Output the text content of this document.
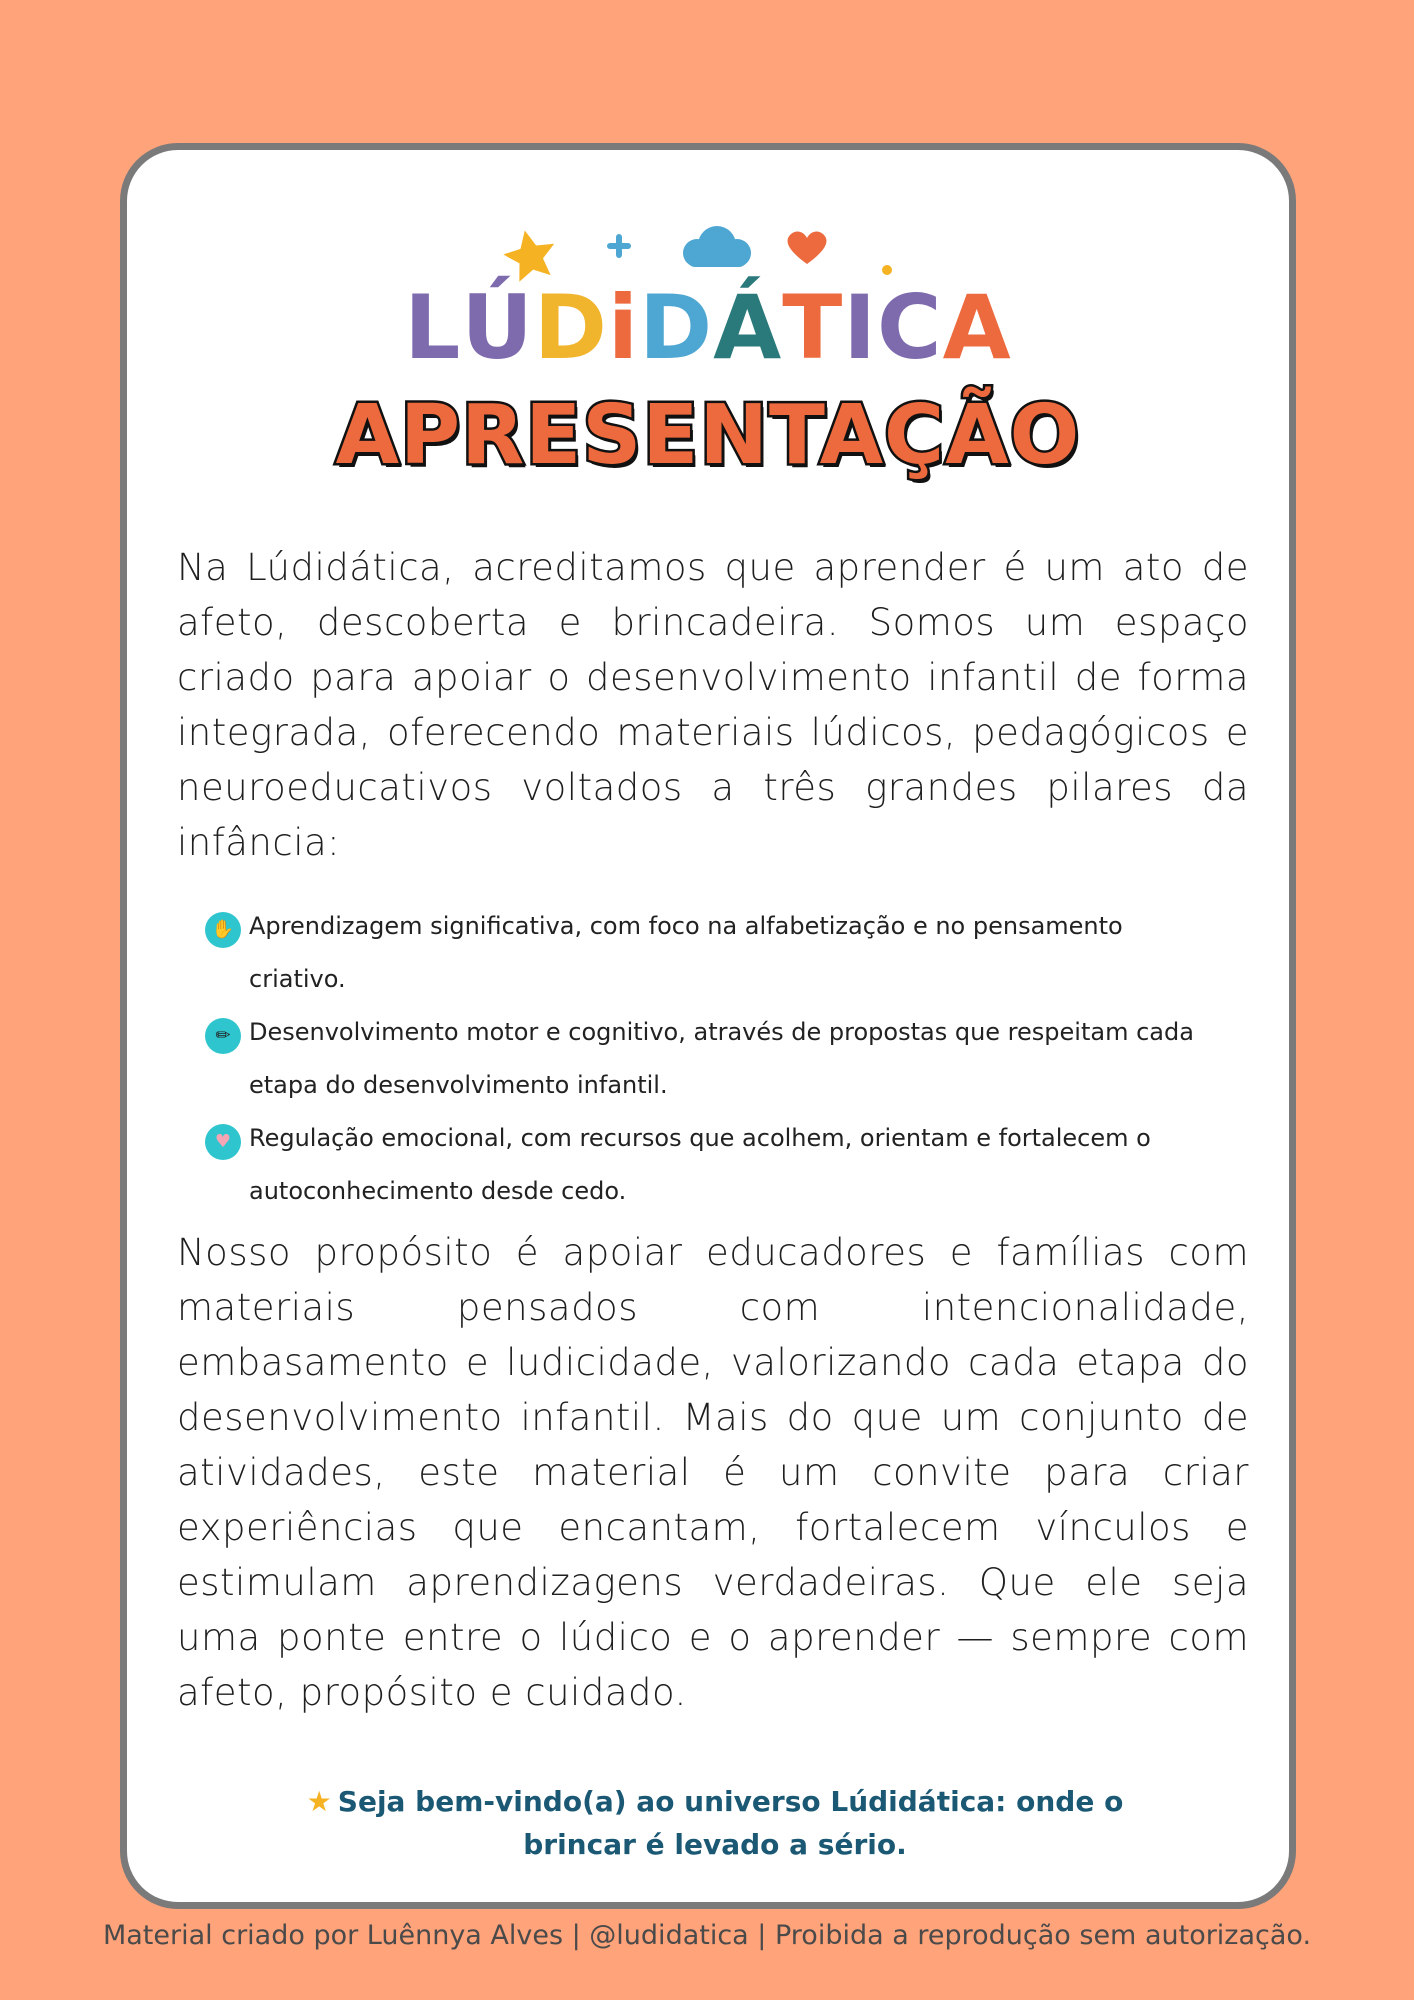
LÚDiDÁTICA
APRESENTAÇÃO

Na Lúdidática, acreditamos que aprender é um ato de afeto, descoberta e brincadeira. Somos um espaço criado para apoiar o desenvolvimento infantil de forma integrada, oferecendo materiais lúdicos, pedagógicos e neuroeducativos voltados a três grandes pilares da infância:

✋ Aprendizagem significativa, com foco na alfabetização e no pensamento criativo.
✏ Desenvolvimento motor e cognitivo, através de propostas que respeitam cada etapa do desenvolvimento infantil.
♥ Regulação emocional, com recursos que acolhem, orientam e fortalecem o autoconhecimento desde cedo.

Nosso propósito é apoiar educadores e famílias com materiais pensados com intencionalidade, embasamento e ludicidade, valorizando cada etapa do desenvolvimento infantil. Mais do que um conjunto de atividades, este material é um convite para criar experiências que encantam, fortalecem vínculos e estimulam aprendizagens verdadeiras. Que ele seja uma ponte entre o lúdico e o aprender — sempre com afeto, propósito e cuidado.

★ Seja bem-vindo(a) ao universo Lúdidática: onde o
brincar é levado a sério.
Material criado por Luênnya Alves | @ludidatica | Proibida a reprodução sem autorização.
